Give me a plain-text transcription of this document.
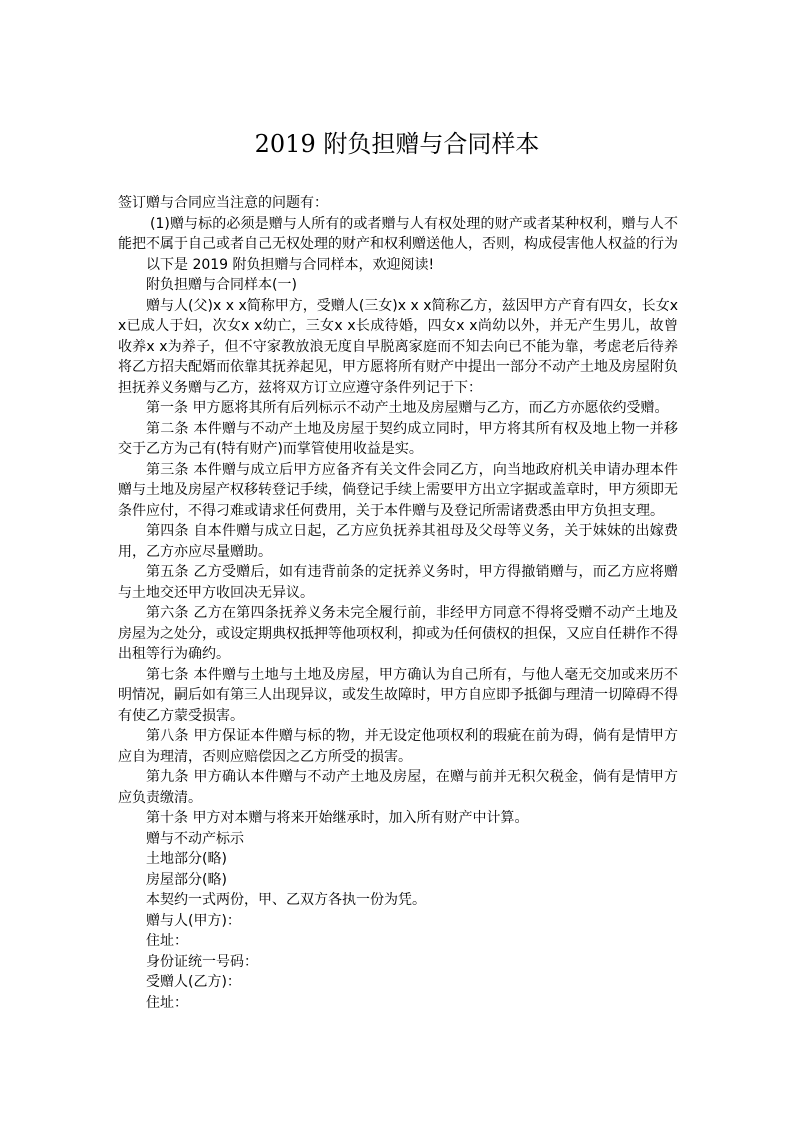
2019 附负担赠与合同样本

签订赠与合同应当注意的问题有：

(1)赠与标的必须是赠与人所有的或者赠与人有权处理的财产或者某种权利，赠与人不能把不属于自己或者自己无权处理的财产和权利赠送他人，否则，构成侵害他人权益的行为

以下是 2019 附负担赠与合同样本，欢迎阅读!

附负担赠与合同样本(一)

赠与人(父)x x x简称甲方，受赠人(三女)x x x简称乙方，兹因甲方产育有四女，长女x x已成人于妇，次女x x幼亡，三女x x长成待婚，四女x x尚幼以外，并无产生男儿，故曾收养x x为养子，但不守家教放浪无度自早脱离家庭而不知去向已不能为靠，考虑老后待养将乙方招夫配婿而依靠其抚养起见，甲方愿将所有财产中提出一部分不动产土地及房屋附负担抚养义务赠与乙方，兹将双方订立应遵守条件列记于下：

第一条 甲方愿将其所有后列标示不动产土地及房屋赠与乙方，而乙方亦愿依约受赠。

第二条 本件赠与不动产土地及房屋于契约成立同时，甲方将其所有权及地上物一并移交于乙方为己有(特有财产)而掌管使用收益是实。

第三条 本件赠与成立后甲方应备齐有关文件会同乙方，向当地政府机关申请办理本件赠与土地及房屋产权移转登记手续，倘登记手续上需要甲方出立字据或盖章时，甲方须即无条件应付，不得刁难或请求任何费用，关于本件赠与及登记所需诸费悉由甲方负担支理。

第四条 自本件赠与成立日起，乙方应负抚养其祖母及父母等义务，关于妹妹的出嫁费用，乙方亦应尽量赠助。

第五条 乙方受赠后，如有违背前条的定抚养义务时，甲方得撤销赠与，而乙方应将赠与土地交还甲方收回决无异议。

第六条 乙方在第四条抚养义务未完全履行前，非经甲方同意不得将受赠不动产土地及房屋为之处分，或设定期典权抵押等他项权利，抑或为任何债权的担保，又应自任耕作不得出租等行为确约。

第七条 本件赠与土地与土地及房屋，甲方确认为自己所有，与他人毫无交加或来历不明情况，嗣后如有第三人出现异议，或发生故障时，甲方自应即予抵御与理清一切障碍不得有使乙方蒙受损害。

第八条 甲方保证本件赠与标的物，并无设定他项权利的瑕疵在前为碍，倘有是情甲方应自为理清，否则应赔偿因之乙方所受的损害。

第九条 甲方确认本件赠与不动产土地及房屋，在赠与前并无积欠税金，倘有是情甲方应负责缴清。

第十条 甲方对本赠与将来开始继承时，加入所有财产中计算。

赠与不动产标示

土地部分(略)

房屋部分(略)

本契约一式两份，甲、乙双方各执一份为凭。

赠与人(甲方)：

住址：

身份证统一号码：

受赠人(乙方)：

住址：
